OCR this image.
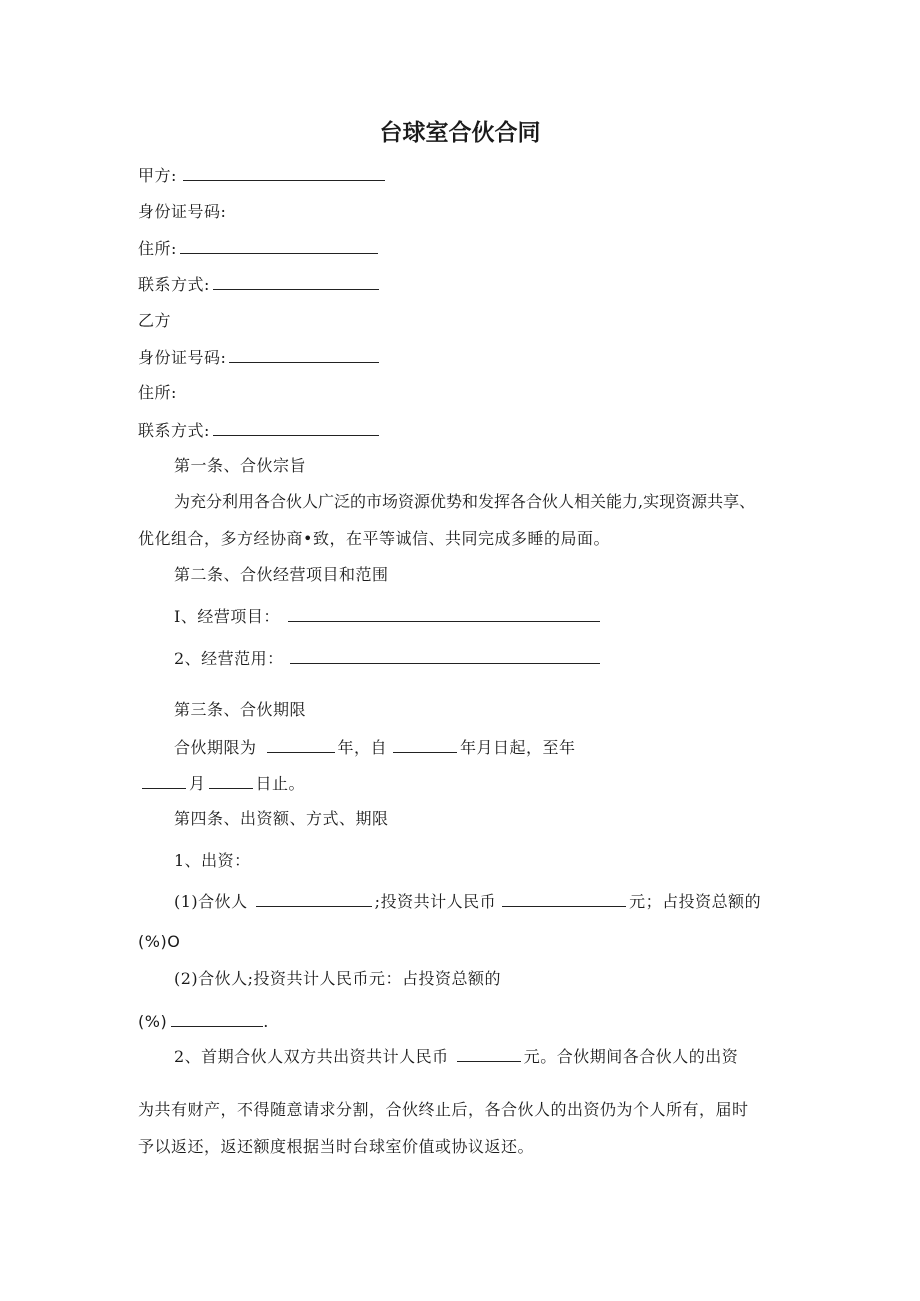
台球室合伙合同
甲方:
身份证号码:
住所:
联系方式:
乙方
身份证号码:
住所:
联系方式:
第一条、合伙宗旨
为充分利用各合伙人广泛的市场资源优势和发挥各合伙人相关能力,实现资源共享、
优化组合，多方经协商•致，在平等诚信、共同完成多睡的局面。
第二条、合伙经营项目和范围
I、经营项目：
2、经营范用：
第三条、合伙期限
合伙期限为	年，自	年月日起，至年
月	日止。
第四条、出资额、方式、期限
1、出资：
(1)合伙人	;投资共计人民币	元；占投资总额的
(%)O
(2)合伙人;投资共计人民币元：占投资总额的
(%)	.
2、首期合伙人双方共出资共计人民币	元。合伙期间各合伙人的出资
为共有财产，不得随意请求分割，合伙终止后，各合伙人的出资仍为个人所有，届时
予以返还，返还额度根据当时台球室价值或协议返还。
